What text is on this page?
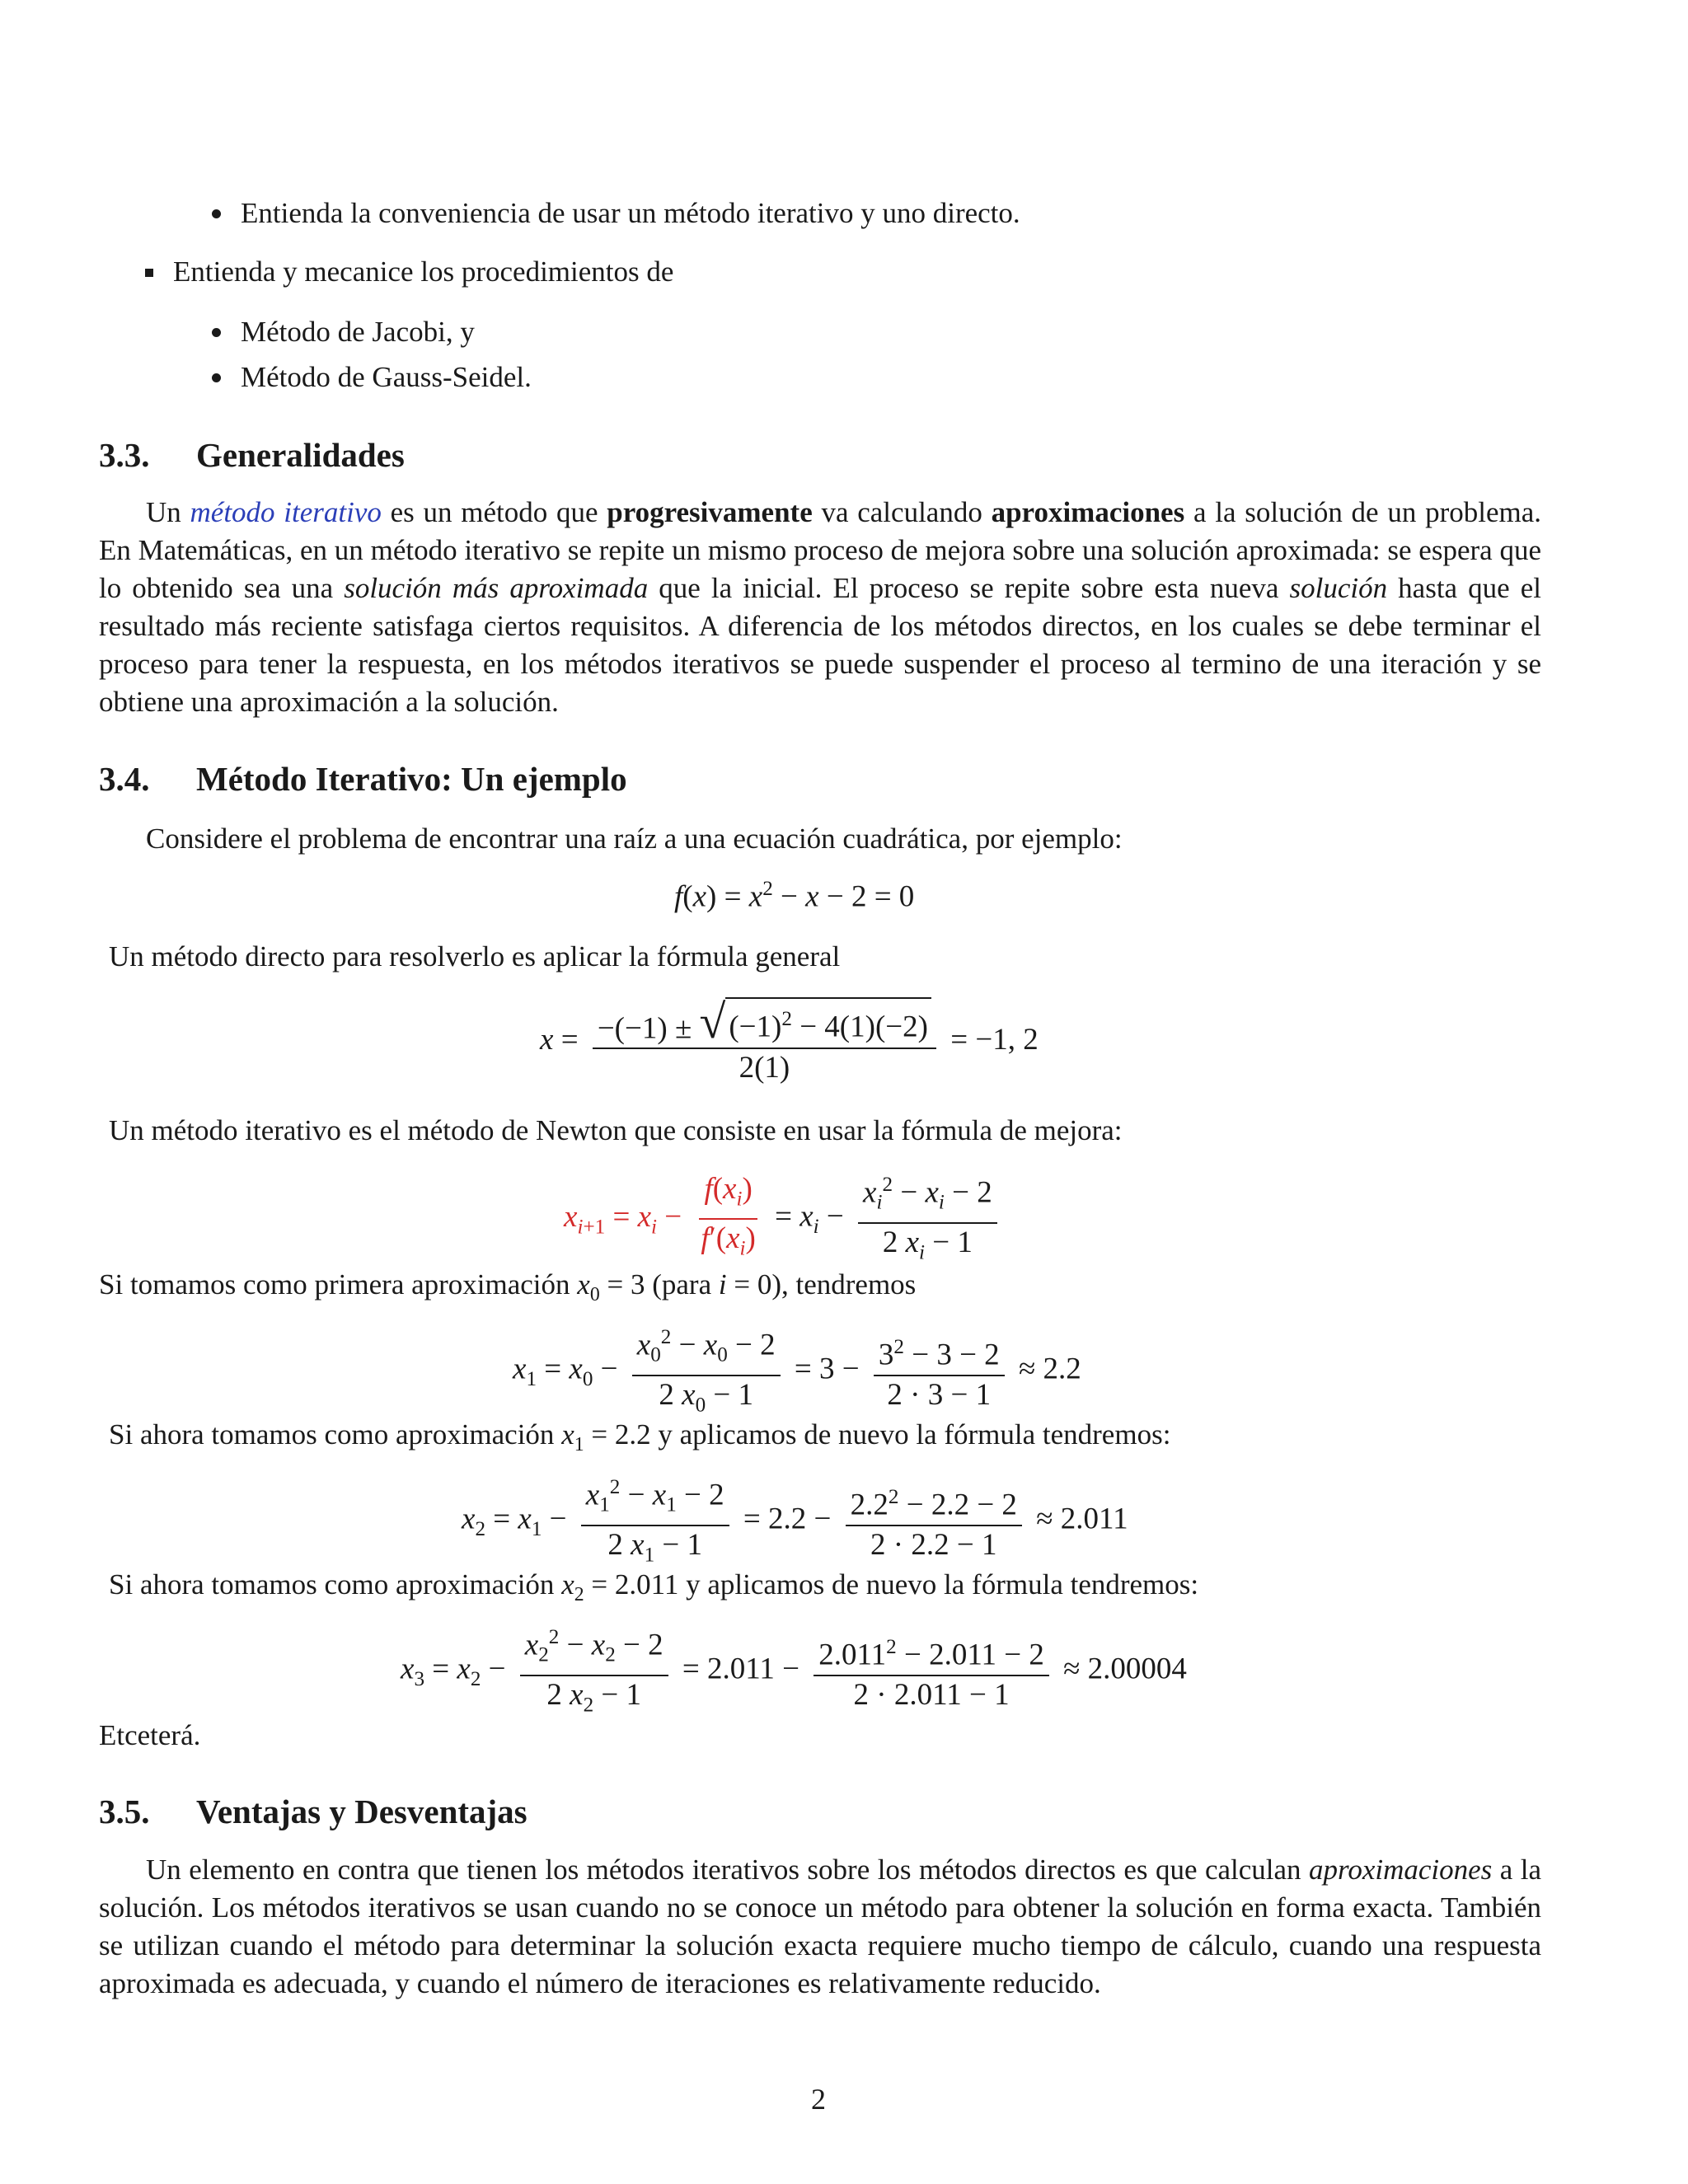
Entienda la conveniencia de usar un método iterativo y uno directo.
Entienda y mecanice los procedimientos de
Método de Jacobi, y
Método de Gauss-Seidel.
3.3. Generalidades
Un método iterativo es un método que progresivamente va calculando aproximaciones a la solución de un problema. En Matemáticas, en un método iterativo se repite un mismo proceso de mejora sobre una solución aproximada: se espera que lo obtenido sea una solución más aproximada que la inicial. El proceso se repite sobre esta nueva solución hasta que el resultado más reciente satisfaga ciertos requisitos. A diferencia de los métodos directos, en los cuales se debe terminar el proceso para tener la respuesta, en los métodos iterativos se puede suspender el proceso al termino de una iteración y se obtiene una aproximación a la solución.
3.4. Método Iterativo: Un ejemplo
Considere el problema de encontrar una raíz a una ecuación cuadrática, por ejemplo:
$f(x) = x^2 - x - 2 = 0$
Un método directo para resolverlo es aplicar la fórmula general
$x = \frac{-(-1) \pm √ (-1)^2 - 4(1)(-2)}{2(1)} = -1$, 2
Un método iterativo es el método de Newton que consiste en usar la fórmula de mejora:
$x_{i+1} = x_i - \frac{f(x_i)}{f'(x_i)} = x_i - \frac{x_i^2 - x_i - 2}{2 x_i - 1}$
Si tomamos como primera aproximación $x_0 = 3$ (para i = 0), tendremos
$x_1 = x_0 - \frac{x_0^2 - x_0 - 2}{2 x_0 - 1} = 3 - \frac{3^2 - 3 - 2}{2 \cdot 3 - 1} \approx 2.2$
Si ahora tomamos como aproximación $x_1 = 2.2$ y aplicamos de nuevo la fórmula tendremos:
$x_2 = x_1 - \frac{x_1^2 - x_1 - 2}{2 x_1 - 1} = 2.2 - \frac{2.2^2 - 2.2 - 2}{2 \cdot 2.2 - 1} \approx 2.011$
Si ahora tomamos como aproximación $x_2 = 2.011$ y aplicamos de nuevo la fórmula tendremos:
$x_3 = x_2 - \frac{x_2^2 - x_2 - 2}{2 x_2 - 1} = 2.011 - \frac{2.011^2 - 2.011 - 2}{2 \cdot 2.011 - 1} \approx 2.00004$
Etceterá.
3.5. Ventajas y Desventajas
Un elemento en contra que tienen los métodos iterativos sobre los métodos directos es que calculan aproximaciones a la solución. Los métodos iterativos se usan cuando no se conoce un método para obtener la solución en forma exacta. También se utilizan cuando el método para determinar la solución exacta requiere mucho tiempo de cálculo, cuando una respuesta aproximada es adecuada, y cuando el número de iteraciones es relativamente reducido.
2
